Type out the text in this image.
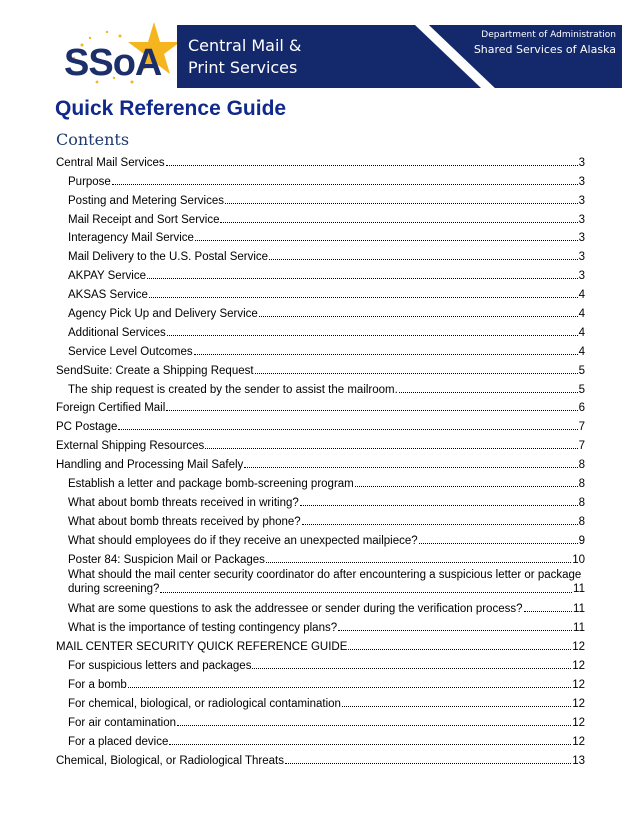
SSoA Central Mail &
Print Services
Department of Administration
Shared Services of Alaska
Quick Reference Guide
Contents
Central Mail Services	3
Purpose	3
Posting and Metering Services	3
Mail Receipt and Sort Service	3
Interagency Mail Service	3
Mail Delivery to the U.S. Postal Service	3
AKPAY Service	3
AKSAS Service	4
Agency Pick Up and Delivery Service	4
Additional Services	4
Service Level Outcomes	4
SendSuite: Create a Shipping Request	5
The ship request is created by the sender to assist the mailroom.	5
Foreign Certified Mail	6
PC Postage	7
External Shipping Resources	7
Handling and Processing Mail Safely	8
Establish a letter and package bomb-screening program	8
What about bomb threats received in writing?	8
What about bomb threats received by phone?	8
What should employees do if they receive an unexpected mailpiece?	9
Poster 84: Suspicion Mail or Packages	10
What should the mail center security coordinator do after encountering a suspicious letter or package
during screening?	11
What are some questions to ask the addressee or sender during the verification process?	11
What is the importance of testing contingency plans?	11
MAIL CENTER SECURITY QUICK REFERENCE GUIDE	12
For suspicious letters and packages	12
For a bomb	12
For chemical, biological, or radiological contamination	12
For air contamination	12
For a placed device	12
Chemical, Biological, or Radiological Threats	13
